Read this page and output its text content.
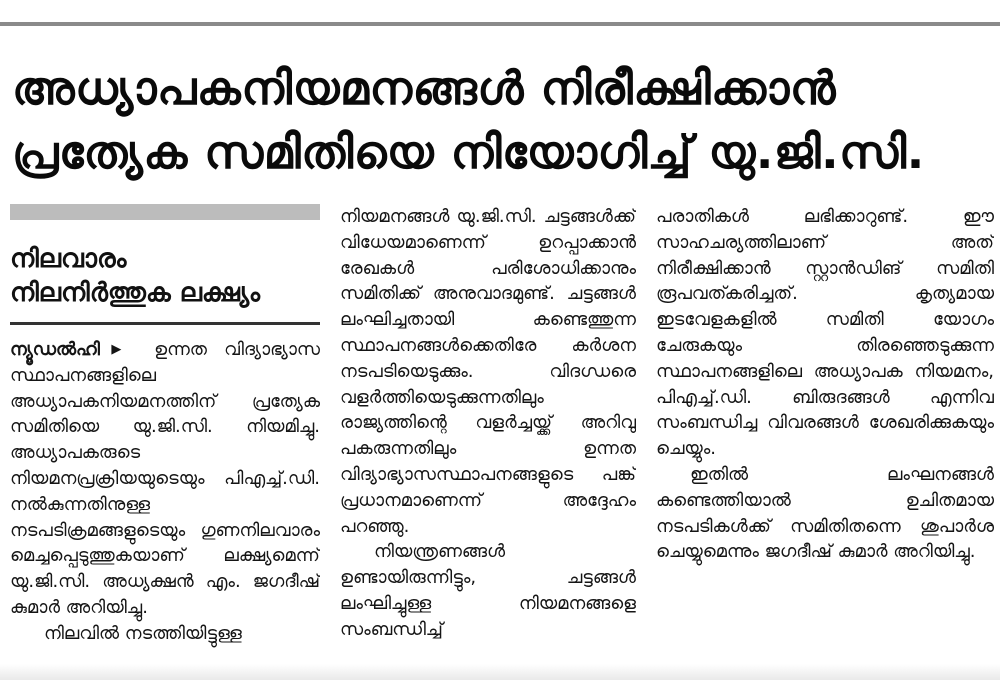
അധ്യാപകനിയമനങ്ങൾ നിരീക്ഷിക്കാൻ
പ്രത്യേക സമിതിയെ നിയോഗിച്ച് യു.ജി.സി.
നിലവാരം
നിലനിർത്തുക ലക്ഷ്യം

ന്യൂഡൽഹി▶ ഉന്നത വിദ്യാഭ്യാസ സ്ഥാപനങ്ങളിലെ അധ്യാപകനിയമനത്തിന് പ്രത്യേക സമിതിയെ യു.ജി.സി. നിയമിച്ചു. അധ്യാപകരുടെ നിയമനപ്രക്രിയയുടെയും പിഎച്ച്.ഡി. നൽകുന്നതിനുള്ള നടപടിക്രമങ്ങളുടെയും ഗുണനിലവാരം മെച്ചപ്പെടുത്തുകയാണ് ലക്ഷ്യമെന്ന് യു.ജി.സി. അധ്യക്ഷൻ എം. ജഗദീഷ് കുമാർ അറിയിച്ചു.

നിലവിൽ നടത്തിയിട്ടുള്ള

നിയമനങ്ങൾ യു.ജി.സി. ചട്ടങ്ങൾക്ക് വിധേയമാണെന്ന് ഉറപ്പാക്കാൻ രേഖകൾ പരിശോധിക്കാനും സമിതിക്ക് അനുവാദമുണ്ട്. ചട്ടങ്ങൾ ലംഘിച്ചതായി കണ്ടെത്തുന്ന സ്ഥാപനങ്ങൾക്കെതിരേ കർശന നടപടിയെടുക്കും. വിദഗ്ധരെ വളർത്തിയെടുക്കുന്നതിലും രാജ്യത്തിന്റെ വളർച്ചയ്ക്ക് അറിവു പകരുന്നതിലും ഉന്നത വിദ്യാഭ്യാസസ്ഥാപനങ്ങളുടെ പങ്ക് പ്രധാനമാണെന്ന് അദ്ദേഹം പറഞ്ഞു.

നിയന്ത്രണങ്ങൾ ഉണ്ടായിരുന്നിട്ടും, ചട്ടങ്ങൾ ലംഘിച്ചുള്ള നിയമനങ്ങളെ സംബന്ധിച്ച്

പരാതികൾ ലഭിക്കാറുണ്ട്. ഈ സാഹചര്യത്തിലാണ് അത് നിരീക്ഷിക്കാൻ സ്റ്റാൻഡിങ് സമിതി രൂപവത്കരിച്ചത്. കൃത്യമായ ഇടവേളകളിൽ സമിതി യോഗം ചേരുകയും തിരഞ്ഞെടുക്കുന്ന സ്ഥാപനങ്ങളിലെ അധ്യാപക നിയമനം, പിഎച്ച്.ഡി. ബിരുദങ്ങൾ എന്നിവ സംബന്ധിച്ച വിവരങ്ങൾ ശേഖരിക്കുകയും ചെയ്യും.

ഇതിൽ ലംഘനങ്ങൾ കണ്ടെത്തിയാൽ ഉചിതമായ നടപടികൾക്ക് സമിതിതന്നെ ശുപാർശ ചെയ്യുമെന്നും ജഗദീഷ് കുമാർ അറിയിച്ചു.
